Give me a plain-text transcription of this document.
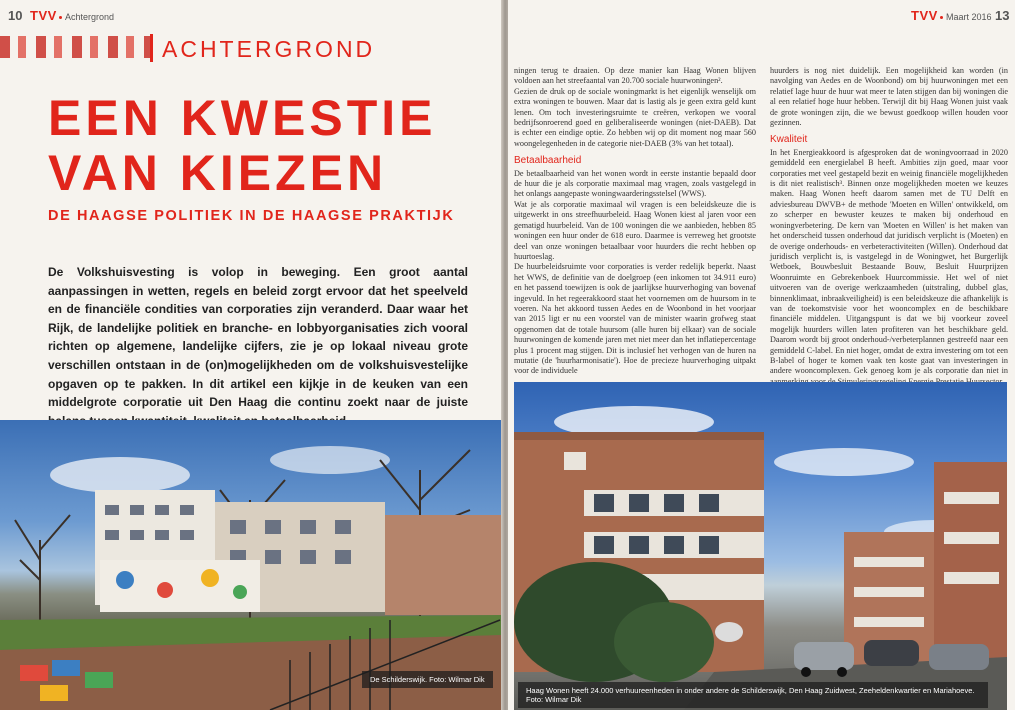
10 TVV Achtergrond
ACHTERGROND
EEN KWESTIE
VAN KIEZEN
DE HAAGSE POLITIEK IN DE HAAGSE PRAKTIJK

De Volkshuisvesting is volop in beweging. Een groot aantal aanpassingen in wetten, regels en beleid zorgt ervoor dat het speelveld en de financiële condities van corporaties zijn veranderd. Daar waar het Rijk, de landelijke politiek en branche- en lobbyorganisaties zich vooral richten op algemene, landelijke cijfers, zie je op lokaal niveau grote verschillen ontstaan in de (on)mogelijkheden om de volkshuisvestelijke opgaven op te pakken. In dit artikel een kijkje in de keuken van een middelgrote corporatie uit Den Haag die continu zoekt naar de juiste

De Schilderswijk. Foto: Wilmar Dik
TVV Maart 2016 13

ningen terug te draaien. Op deze manier kan Haag Wonen blijven voldoen aan het streefaantal van 20.700 sociale huurwoningen².

Gezien de druk op de sociale woningmarkt is het eigenlijk wenselijk om extra woningen te bouwen. Maar dat is lastig als je geen extra geld kunt lenen. Om toch investeringsruimte te creëren, verkopen we vooral bedrijfsonroerend goed en geliberaliseerde woningen (niet-DAEB). Dat is echter een eindige optie. Zo hebben wij op dit moment nog maar 560 woongelegenheden in de categorie niet-DAEB (3% van het totaal).

Betaalbaarheid

De betaalbaarheid van het wonen wordt in eerste instantie bepaald door de huur die je als corporatie maximaal mag vragen, zoals vastgelegd in het onlangs aangepaste woningwaarderingsstelsel (WWS).

Wat je als corporatie maximaal wil vragen is een beleidskeuze die is uitgewerkt in ons streefhuurbeleid. Haag Wonen kiest al jaren voor een gematigd huurbeleid. Van de 100 woningen die we aanbieden, hebben 85 woningen een huur onder de 618 euro. Daarmee is verreweg het grootste deel van onze woningen betaalbaar voor huurders die recht hebben op huurtoeslag.

De huurbeleidsruimte voor corporaties is verder redelijk beperkt. Naast het WWS, de definitie van de doelgroep (een inkomen tot 34.911 euro) en het passend toewijzen is ook de jaarlijkse huurverhoging van bovenaf ingevuld. In het regeerakkoord staat het voornemen om de huursom in te voeren. Na het akkoord tussen Aedes en de Woonbond in het voorjaar van 2015 ligt er nu een voorstel van de minister waarin grofweg staat opgenomen dat de totale huursom (alle huren bij elkaar) van de sociale huurwoningen de komende jaren met niet meer dan het inflatiepercentage plus 1 procent mag stijgen. Dit is inclusief het verhogen van de huren na mutatie (de 'huurharmonisatie'). Hoe de precieze huurverhoging uitpakt voor de individuele

huurders is nog niet duidelijk. Een mogelijkheid kan worden (in navolging van Aedes en de Woonbond) om bij huurwoningen met een relatief lage huur de huur wat meer te laten stijgen dan bij woningen die al een relatief hoge huur hebben. Terwijl dit bij Haag Wonen juist vaak de grote woningen zijn, die we bewust goedkoop willen houden voor gezinnen.

Kwaliteit

In het Energieakkoord is afgesproken dat de woningvoorraad in 2020 gemiddeld een energielabel B heeft. Ambities zijn goed, maar voor corporaties met veel gestapeld bezit en weinig financiële mogelijkheden is dit niet realistisch³. Binnen onze mogelijkheden moeten we keuzes maken. Haag Wonen heeft daarom samen met de TU Delft en adviesbureau DWVB+ de methode 'Moeten en Willen' ontwikkeld, om zo scherper en bewuster keuzes te maken bij onderhoud en woningverbetering. De kern van 'Moeten en Willen' is het maken van het onderscheid tussen onderhoud dat juridisch verplicht is (Moeten) en de overige onderhouds- en verbeteractiviteiten (Willen). Onderhoud dat juridisch verplicht is, is vastgelegd in de Woningwet, het Burgerlijk Wetboek, Bouwbesluit Bestaande Bouw, Besluit Huurprijzen Woonruimte en Gebrekenboek Huurcommissie. Het wel of niet uitvoeren van de overige werkzaamheden (uitstraling, dubbel glas, binnenklimaat, inbraakveiligheid) is een beleidskeuze die afhankelijk is van de toekomstvisie voor het wooncomplex en de beschikbare financiële middelen. Uitgangspunt is dat we bij voorkeur zoveel mogelijk huurders willen laten profiteren van het beschikbare geld. Daarom wordt bij groot onderhoud-/verbeterplannen gestreefd naar een gemiddeld C-label. En niet hoger, omdat de extra investering om tot een B-label of hoger te komen vaak ten koste gaat van investeringen in andere wooncomplexen. Gek genoeg kom je als corporatie dan niet in

Haag Wonen heeft 24.000 verhuureenheden in onder andere de Schilderswijk, Den Haag Zuidwest, Zeeheldenkwartier en Mariahoeve.
Foto: Wilmar Dik
